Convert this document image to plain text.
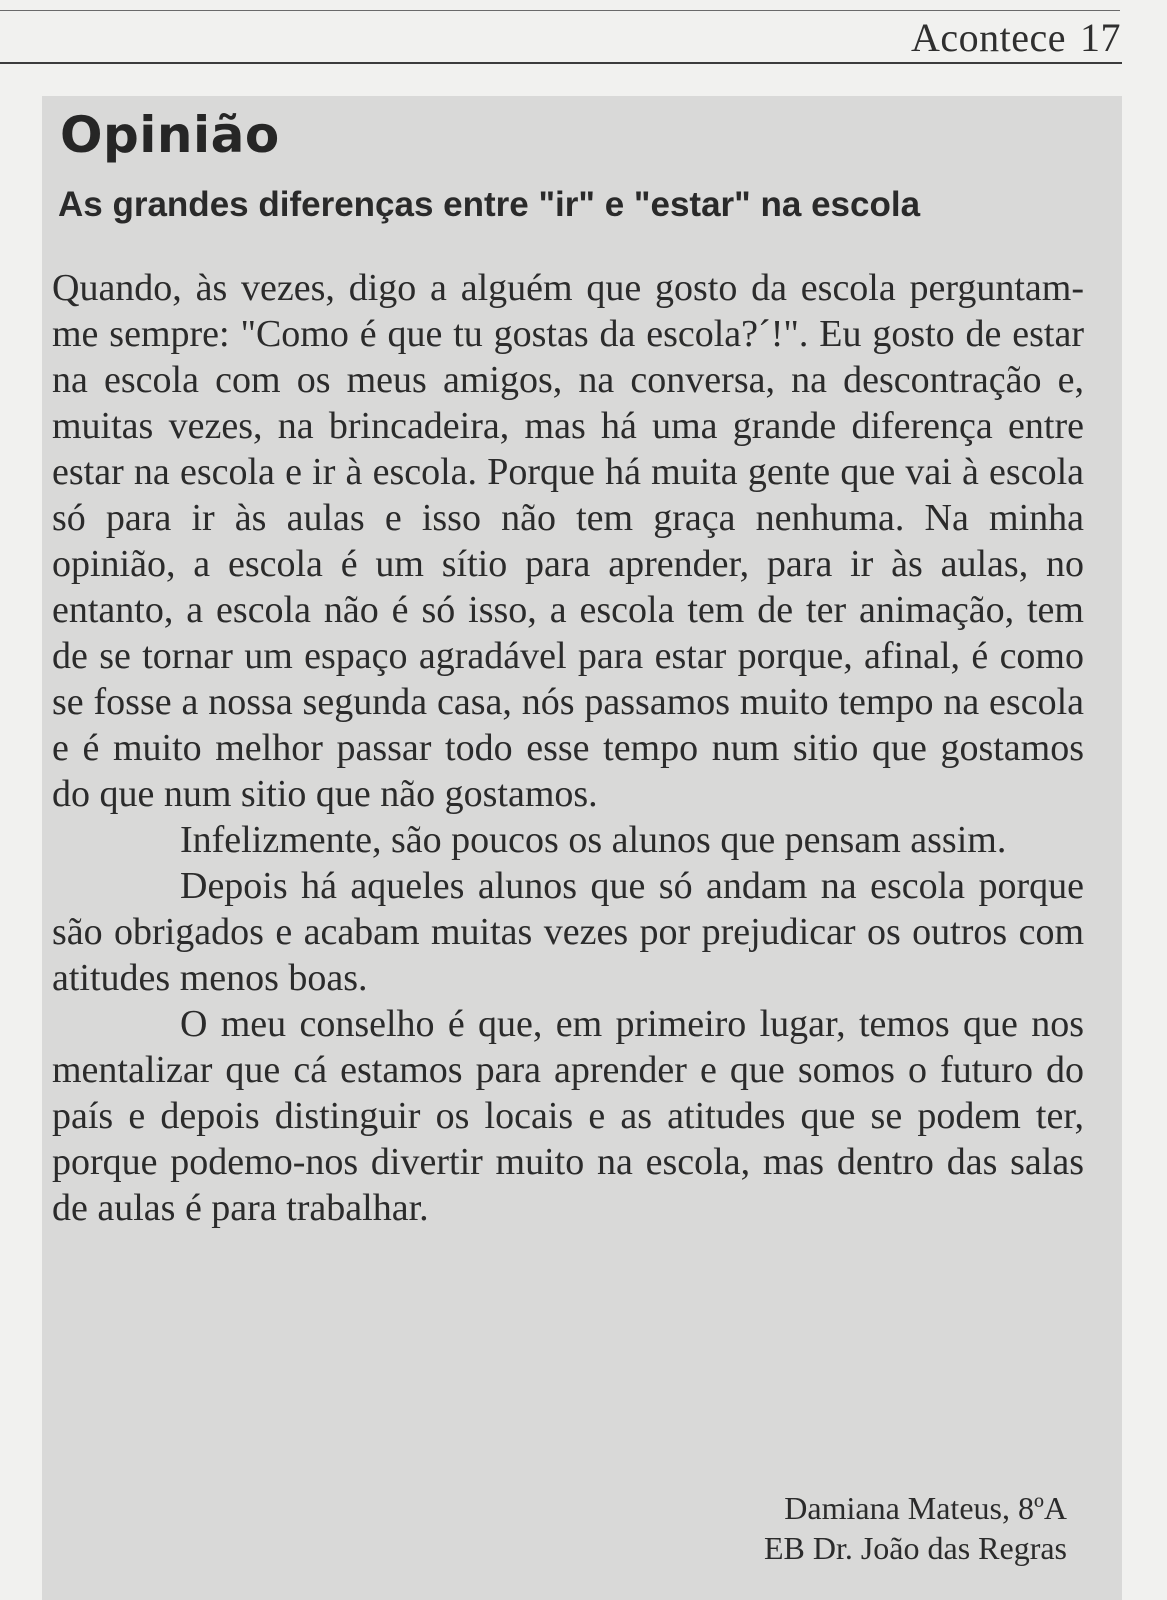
Acontece 17
Opinião
As grandes diferenças entre "ir" e "estar" na escola

Quando, às vezes, digo a alguém que gosto da escola perguntam-me sempre: "Como é que tu gostas da escola?´!". Eu gosto de estar na escola com os meus amigos, na conversa, na descontração e, muitas vezes, na brincadeira, mas há uma grande diferença entre estar na escola e ir à escola. Porque há muita gente que vai à escola só para ir às aulas e isso não tem graça nenhuma. Na minha opinião, a escola é um sítio para aprender, para ir às aulas, no entanto, a escola não é só isso, a escola tem de ter animação, tem de se tornar um espaço agradável para estar porque, afinal, é como se fosse a nossa segunda casa, nós passamos muito tempo na escola e é muito melhor passar todo esse tempo num sitio que gostamos do que num sitio que não gostamos.

Infelizmente, são poucos os alunos que pensam assim.

Depois há aqueles alunos que só andam na escola porque são obrigados e acabam muitas vezes por prejudicar os outros com atitudes menos boas.

O meu conselho é que, em primeiro lugar, temos que nos mentalizar que cá estamos para aprender e que somos o futuro do país e depois distinguir os locais e as atitudes que se podem ter, porque podemo-nos divertir muito na escola, mas dentro das salas de aulas é para trabalhar.

Damiana Mateus, 8ºA
EB Dr. João das Regras
